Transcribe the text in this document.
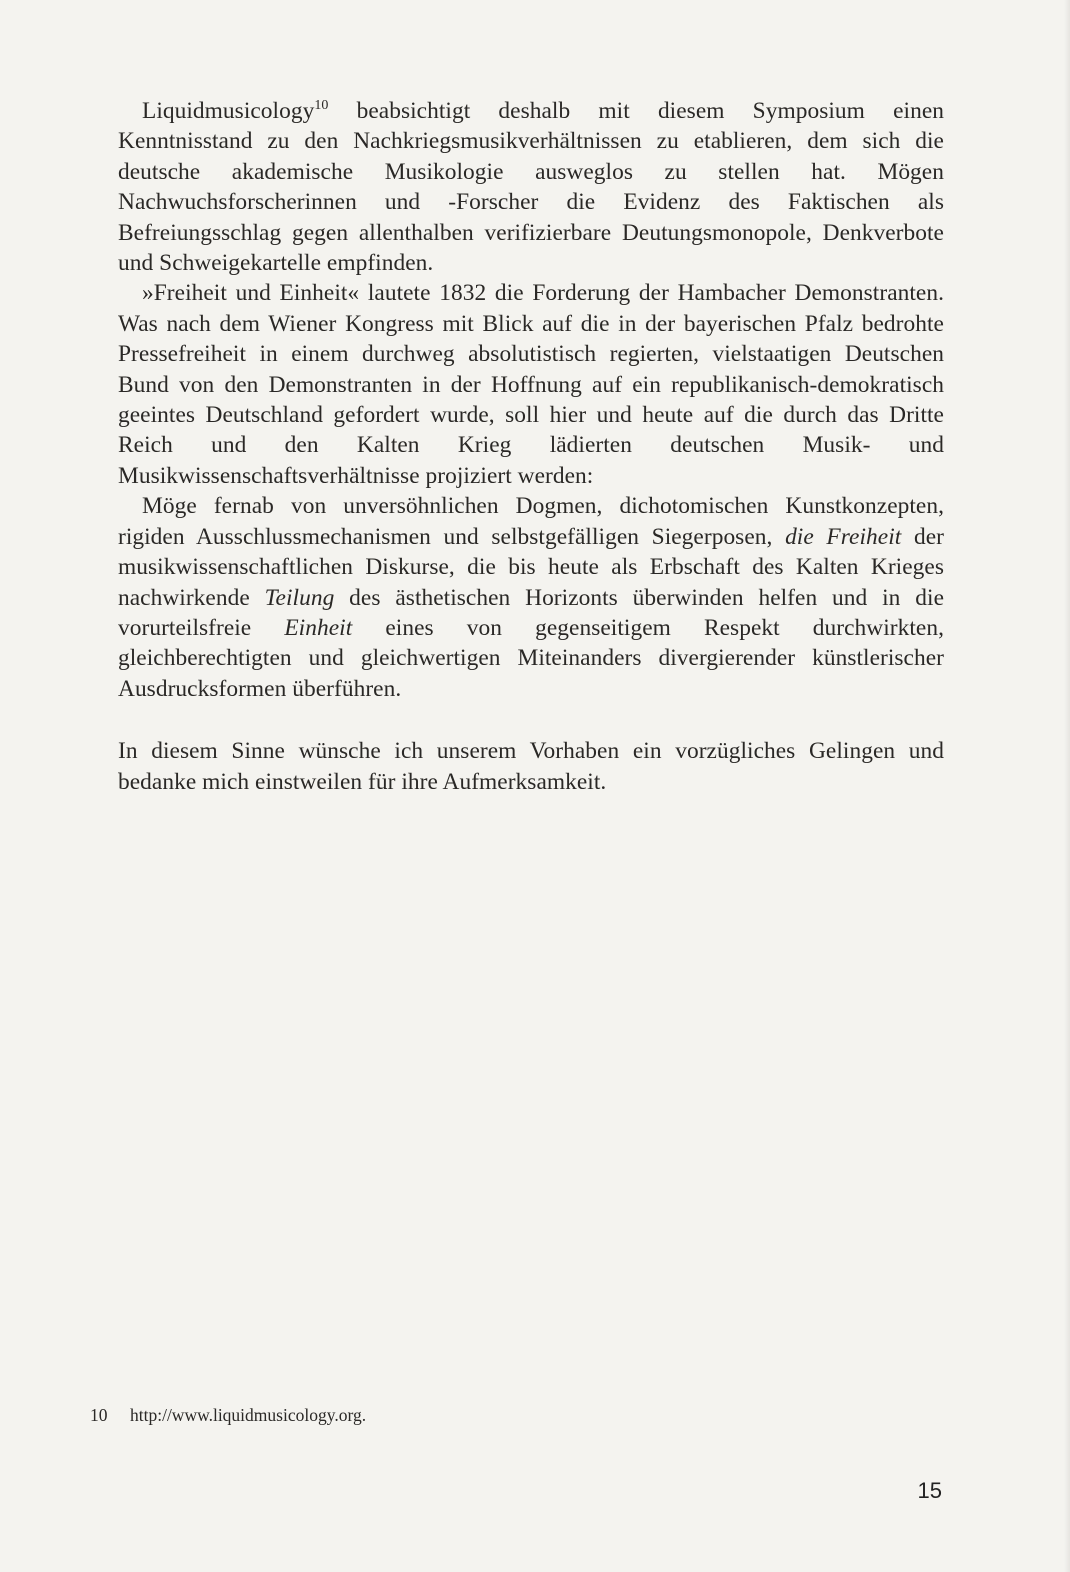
Liquidmusicology$^{10}$ beabsichtigt deshalb mit diesem Symposium einen Kenntnisstand zu den Nachkriegsmusikverhältnissen zu etablieren, dem sich die deutsche akademische Musikologie ausweglos zu stellen hat. Mögen Nachwuchsforscherinnen und -Forscher die Evidenz des Faktischen als Befreiungsschlag gegen allenthalben verifizierbare Deutungsmonopole, Denkverbote und Schweigekartelle empfinden.

»Freiheit und Einheit« lautete 1832 die Forderung der Hambacher Demonstranten. Was nach dem Wiener Kongress mit Blick auf die in der bayerischen Pfalz bedrohte Pressefreiheit in einem durchweg absolutistisch regierten, vielstaatigen Deutschen Bund von den Demonstranten in der Hoffnung auf ein republikanisch-demokratisch geeintes Deutschland gefordert wurde, soll hier und heute auf die durch das Dritte Reich und den Kalten Krieg lädierten deutschen Musik- und Musikwissenschaftsverhältnisse projiziert werden:

Möge fernab von unversöhnlichen Dogmen, dichotomischen Kunstkonzepten, rigiden Ausschlussmechanismen und selbstgefälligen Siegerposen, die Freiheit der musikwissenschaftlichen Diskurse, die bis heute als Erbschaft des Kalten Krieges nachwirkende Teilung des ästhetischen Horizonts überwinden helfen und in die vorurteilsfreie Einheit eines von gegenseitigem Respekt durchwirkten, gleichberechtigten und gleichwertigen Miteinanders divergierender künstlerischer Ausdrucksformen überführen.

In diesem Sinne wünsche ich unserem Vorhaben ein vorzügliches Gelingen und bedanke mich einstweilen für ihre Aufmerksamkeit.

10 http://www.liquidmusicology.org.
15
